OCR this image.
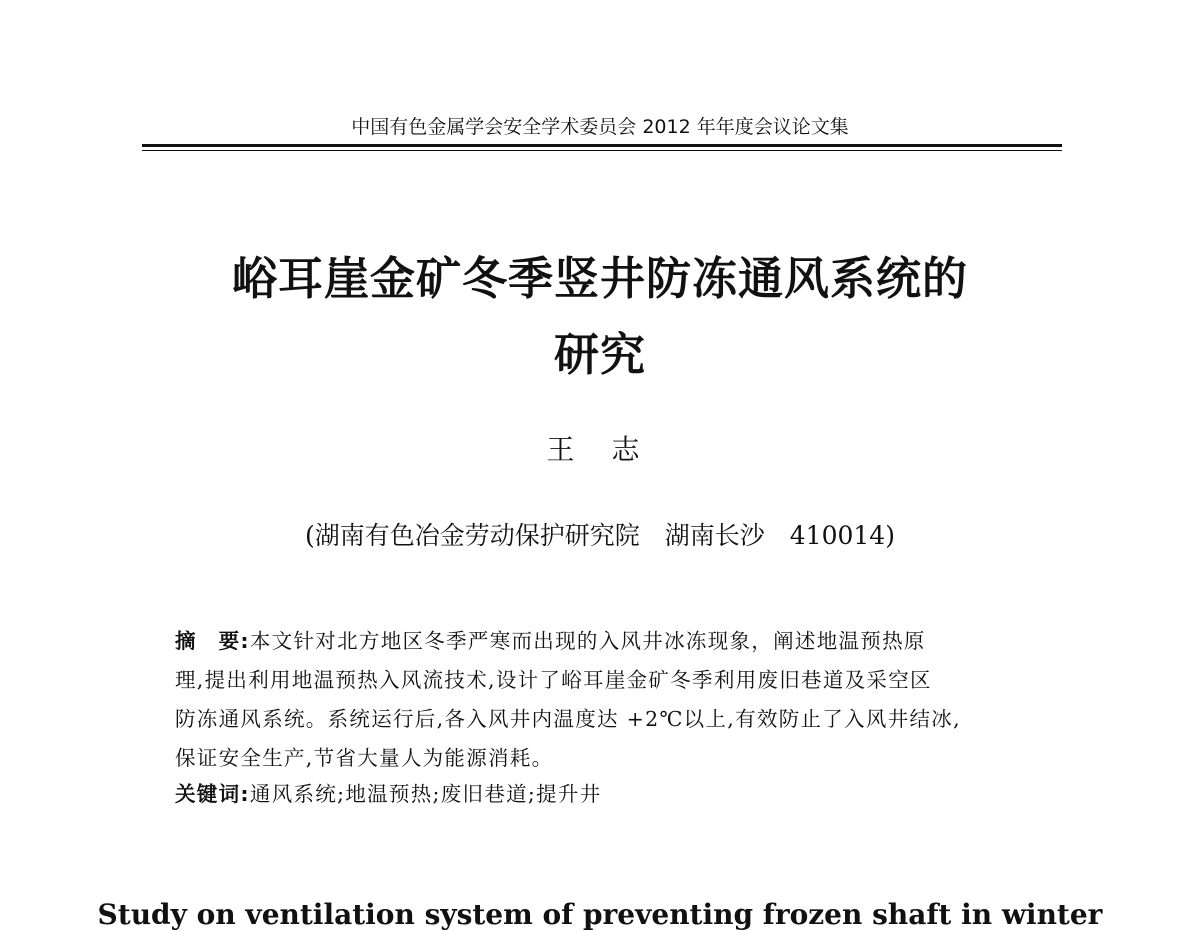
中国有色金属学会安全学术委员会 2012 年年度会议论文集
峪耳崖金矿冬季竖井防冻通风系统的
研究
王 志
(湖南有色冶金劳动保护研究院　湖南长沙　410014)
摘　要:本文针对北方地区冬季严寒而出现的入风井冰冻现象，阐述地温预热原
理,提出利用地温预热入风流技术,设计了峪耳崖金矿冬季利用废旧巷道及采空区
防冻通风系统。系统运行后,各入风井内温度达 +2℃以上,有效防止了入风井结冰,
保证安全生产,节省大量人为能源消耗。
关键词:通风系统;地温预热;废旧巷道;提升井
Study on ventilation system of preventing frozen shaft in winter
